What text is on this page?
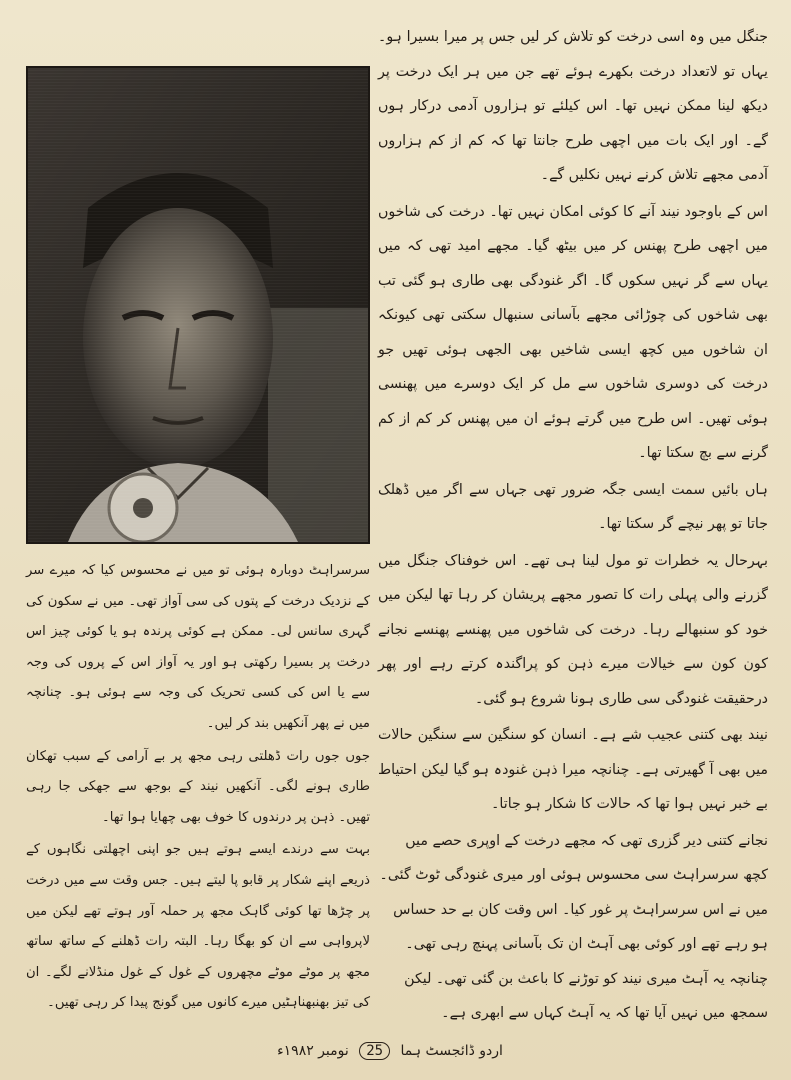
جنگل میں وہ اسی درخت کو تلاش کر لیں جس پر میرا بسیرا ہو۔ یہاں تو لاتعداد درخت بکھرے ہوئے تھے جن میں ہر ایک درخت پر دیکھ لینا ممکن نہیں تھا۔ اس کیلئے تو ہزاروں آدمی درکار ہوں گے۔ اور ایک بات میں اچھی طرح جانتا تھا کہ کم از کم ہزاروں آدمی مجھے تلاش کرنے نہیں نکلیں گے۔

اس کے باوجود نیند آنے کا کوئی امکان نہیں تھا۔ درخت کی شاخوں میں اچھی طرح پھنس کر میں بیٹھ گیا۔ مجھے امید تھی کہ میں یہاں سے گر نہیں سکوں گا۔ اگر غنودگی بھی طاری ہو گئی تب بھی شاخوں کی چوڑائی مجھے بآسانی سنبھال سکتی تھی کیونکہ ان شاخوں میں کچھ ایسی شاخیں بھی الجھی ہوئی تھیں جو درخت کی دوسری شاخوں سے مل کر ایک دوسرے میں پھنسی ہوئی تھیں۔ اس طرح میں گرتے ہوئے ان میں پھنس کر کم از کم گرنے سے بچ سکتا تھا۔

ہاں بائیں سمت ایسی جگہ ضرور تھی جہاں سے اگر میں ڈھلک جاتا تو پھر نیچے گر سکتا تھا۔

بہرحال یہ خطرات تو مول لینا ہی تھے۔ اس خوفناک جنگل میں گزرنے والی پہلی رات کا تصور مجھے پریشان کر رہا تھا لیکن میں خود کو سنبھالے رہا۔ درخت کی شاخوں میں پھنسے پھنسے نجانے کون کون سے خیالات میرے ذہن کو پراگندہ کرتے رہے اور پھر درحقیقت غنودگی سی طاری ہونا شروع ہو گئی۔

نیند بھی کتنی عجیب شے ہے۔ انسان کو سنگین سے سنگین حالات میں بھی آ گھیرتی ہے۔ چنانچہ میرا ذہن غنودہ ہو گیا لیکن احتیاط بے خبر نہیں ہوا تھا کہ حالات کا شکار ہو جاتا۔

نجانے کتنی دیر گزری تھی کہ مجھے درخت کے اوپری حصے میں کچھ سرسراہٹ سی محسوس ہوئی اور میری غنودگی ٹوٹ گئی۔ میں نے اس سرسراہٹ پر غور کیا۔ اس وقت کان بے حد حساس ہو رہے تھے اور کوئی بھی آہٹ ان تک بآسانی پہنچ رہی تھی۔ چنانچہ یہ آہٹ میری نیند کو توڑنے کا باعث بن گئی تھی۔ لیکن سمجھ میں نہیں آیا تھا کہ یہ آہٹ کہاں سے ابھری ہے۔

سرسراہٹ دوبارہ ہوئی تو میں نے محسوس کیا کہ میرے سر کے نزدیک درخت کے پتوں کی سی آواز تھی۔ میں نے سکون کی گہری سانس لی۔ ممکن ہے کوئی پرندہ ہو یا کوئی چیز اس درخت پر بسیرا رکھتی ہو اور یہ آواز اس کے پروں کی وجہ سے یا اس کی کسی تحریک کی وجہ سے ہوئی ہو۔ چنانچہ میں نے پھر آنکھیں بند کر لیں۔

جوں جوں رات ڈھلتی رہی مجھ پر بے آرامی کے سبب تھکان طاری ہونے لگی۔ آنکھیں نیند کے بوجھ سے جھکی جا رہی تھیں۔ ذہن پر درندوں کا خوف بھی چھایا ہوا تھا۔

بہت سے درندے ایسے ہوتے ہیں جو اپنی اچھلتی نگاہوں کے ذریعے اپنے شکار پر قابو پا لیتے ہیں۔ جس وقت سے میں درخت پر چڑھا تھا کوئی گاہک مجھ پر حملہ آور ہوتے تھے لیکن میں لاپرواہی سے ان کو بھگا رہا۔ البتہ رات ڈھلنے کے ساتھ ساتھ مجھ پر موٹے موٹے مچھروں کے غول کے غول منڈلانے لگے۔ ان کی تیز بھنبھناہٹیں میرے کانوں میں گونج پیدا کر رہی تھیں۔

اردو ڈائجسٹ ہما 25 نومبر ۱۹۸۲ء
